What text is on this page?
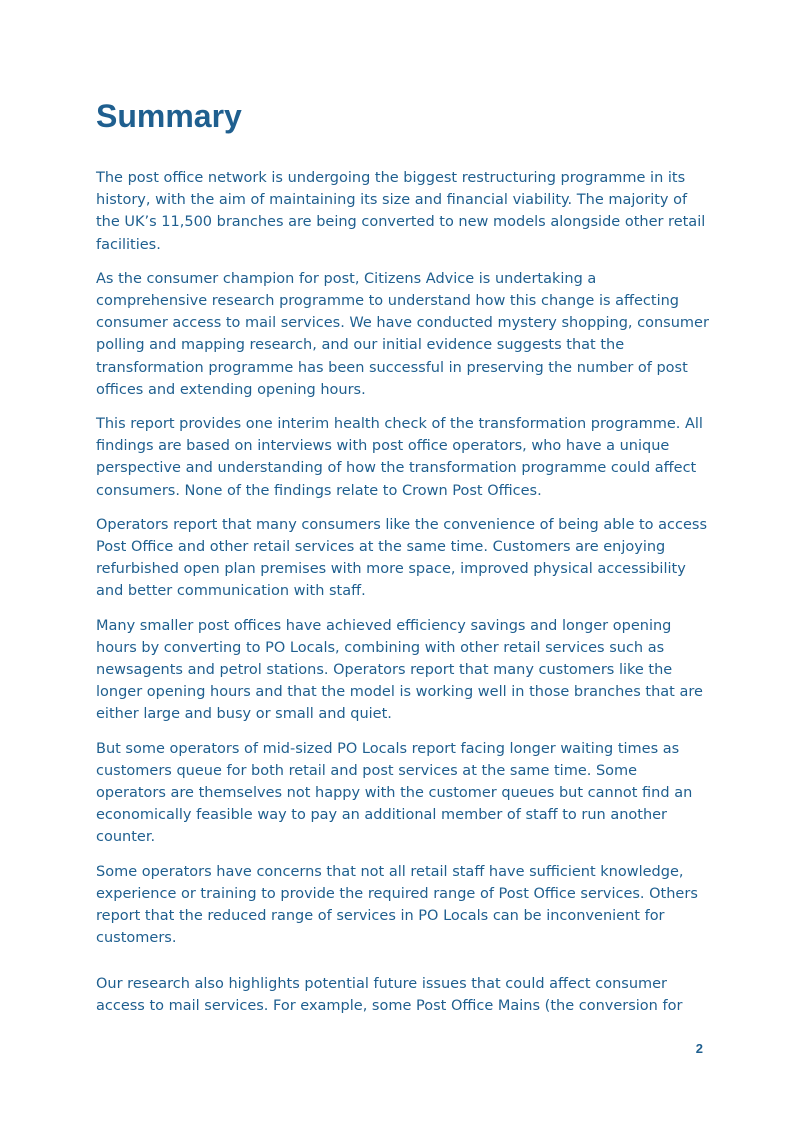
Summary

The post office network is undergoing the biggest restructuring programme in its history, with the aim of maintaining its size and financial viability. The majority of the UK’s 11,500 branches are being converted to new models alongside other retail facilities.

As the consumer champion for post, Citizens Advice is undertaking a comprehensive research programme to understand how this change is affecting consumer access to mail services. We have conducted mystery shopping, consumer polling and mapping research, and our initial evidence suggests that the transformation programme has been successful in preserving the number of post offices and extending opening hours.

This report provides one interim health check of the transformation programme. All findings are based on interviews with post office operators, who have a unique perspective and understanding of how the transformation programme could affect consumers. None of the findings relate to Crown Post Offices.

Operators report that many consumers like the convenience of being able to access Post Office and other retail services at the same time. Customers are enjoying refurbished open plan premises with more space, improved physical accessibility and better communication with staff.

Many smaller post offices have achieved efficiency savings and longer opening hours by converting to PO Locals, combining with other retail services such as newsagents and petrol stations. Operators report that many customers like the longer opening hours and that the model is working well in those branches that are either large and busy or small and quiet.

But some operators of mid-sized PO Locals report facing longer waiting times as customers queue for both retail and post services at the same time. Some operators are themselves not happy with the customer queues but cannot find an economically feasible way to pay an additional member of staff to run another counter.

Some operators have concerns that not all retail staff have sufficient knowledge, experience or training to provide the required range of Post Office services. Others report that the reduced range of services in PO Locals can be inconvenient for customers.

Our research also highlights potential future issues that could affect consumer access to mail services. For example, some Post Office Mains (the conversion for

2
